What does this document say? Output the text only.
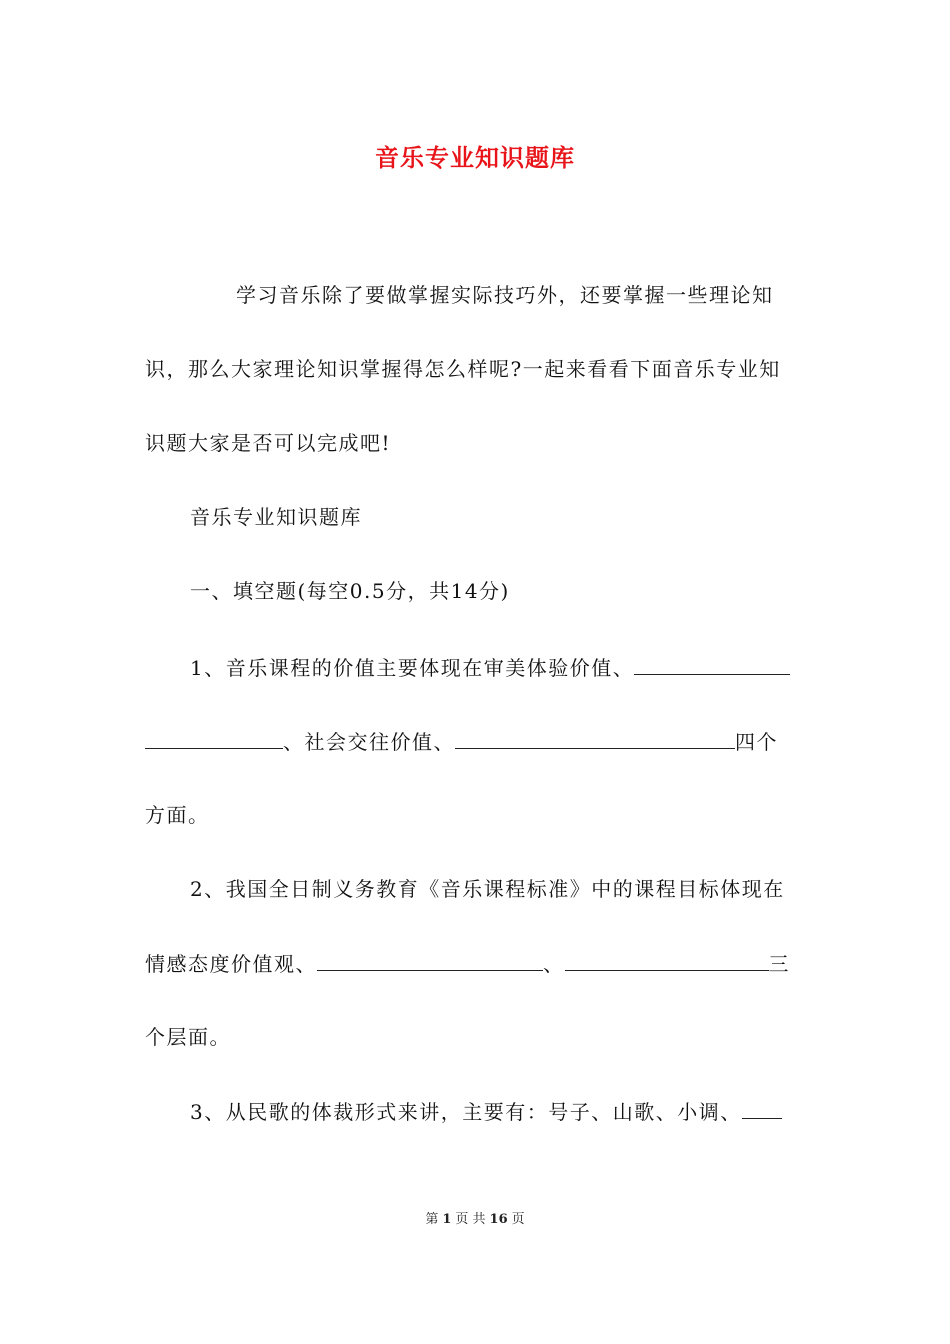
音乐专业知识题库
学习音乐除了要做掌握实际技巧外，还要掌握一些理论知
识，那么大家理论知识掌握得怎么样呢?一起来看看下面音乐专业知
识题大家是否可以完成吧!
音乐专业知识题库
一、填空题(每空0.5分，共14分)
1、音乐课程的价值主要体现在审美体验价值、
、社会交往价值、	四个
方面。
2、我国全日制义务教育《音乐课程标准》中的课程目标体现在
情感态度价值观、	、	三
个层面。
3、从民歌的体裁形式来讲，主要有：号子、山歌、小调、
第 1 页 共 16 页
